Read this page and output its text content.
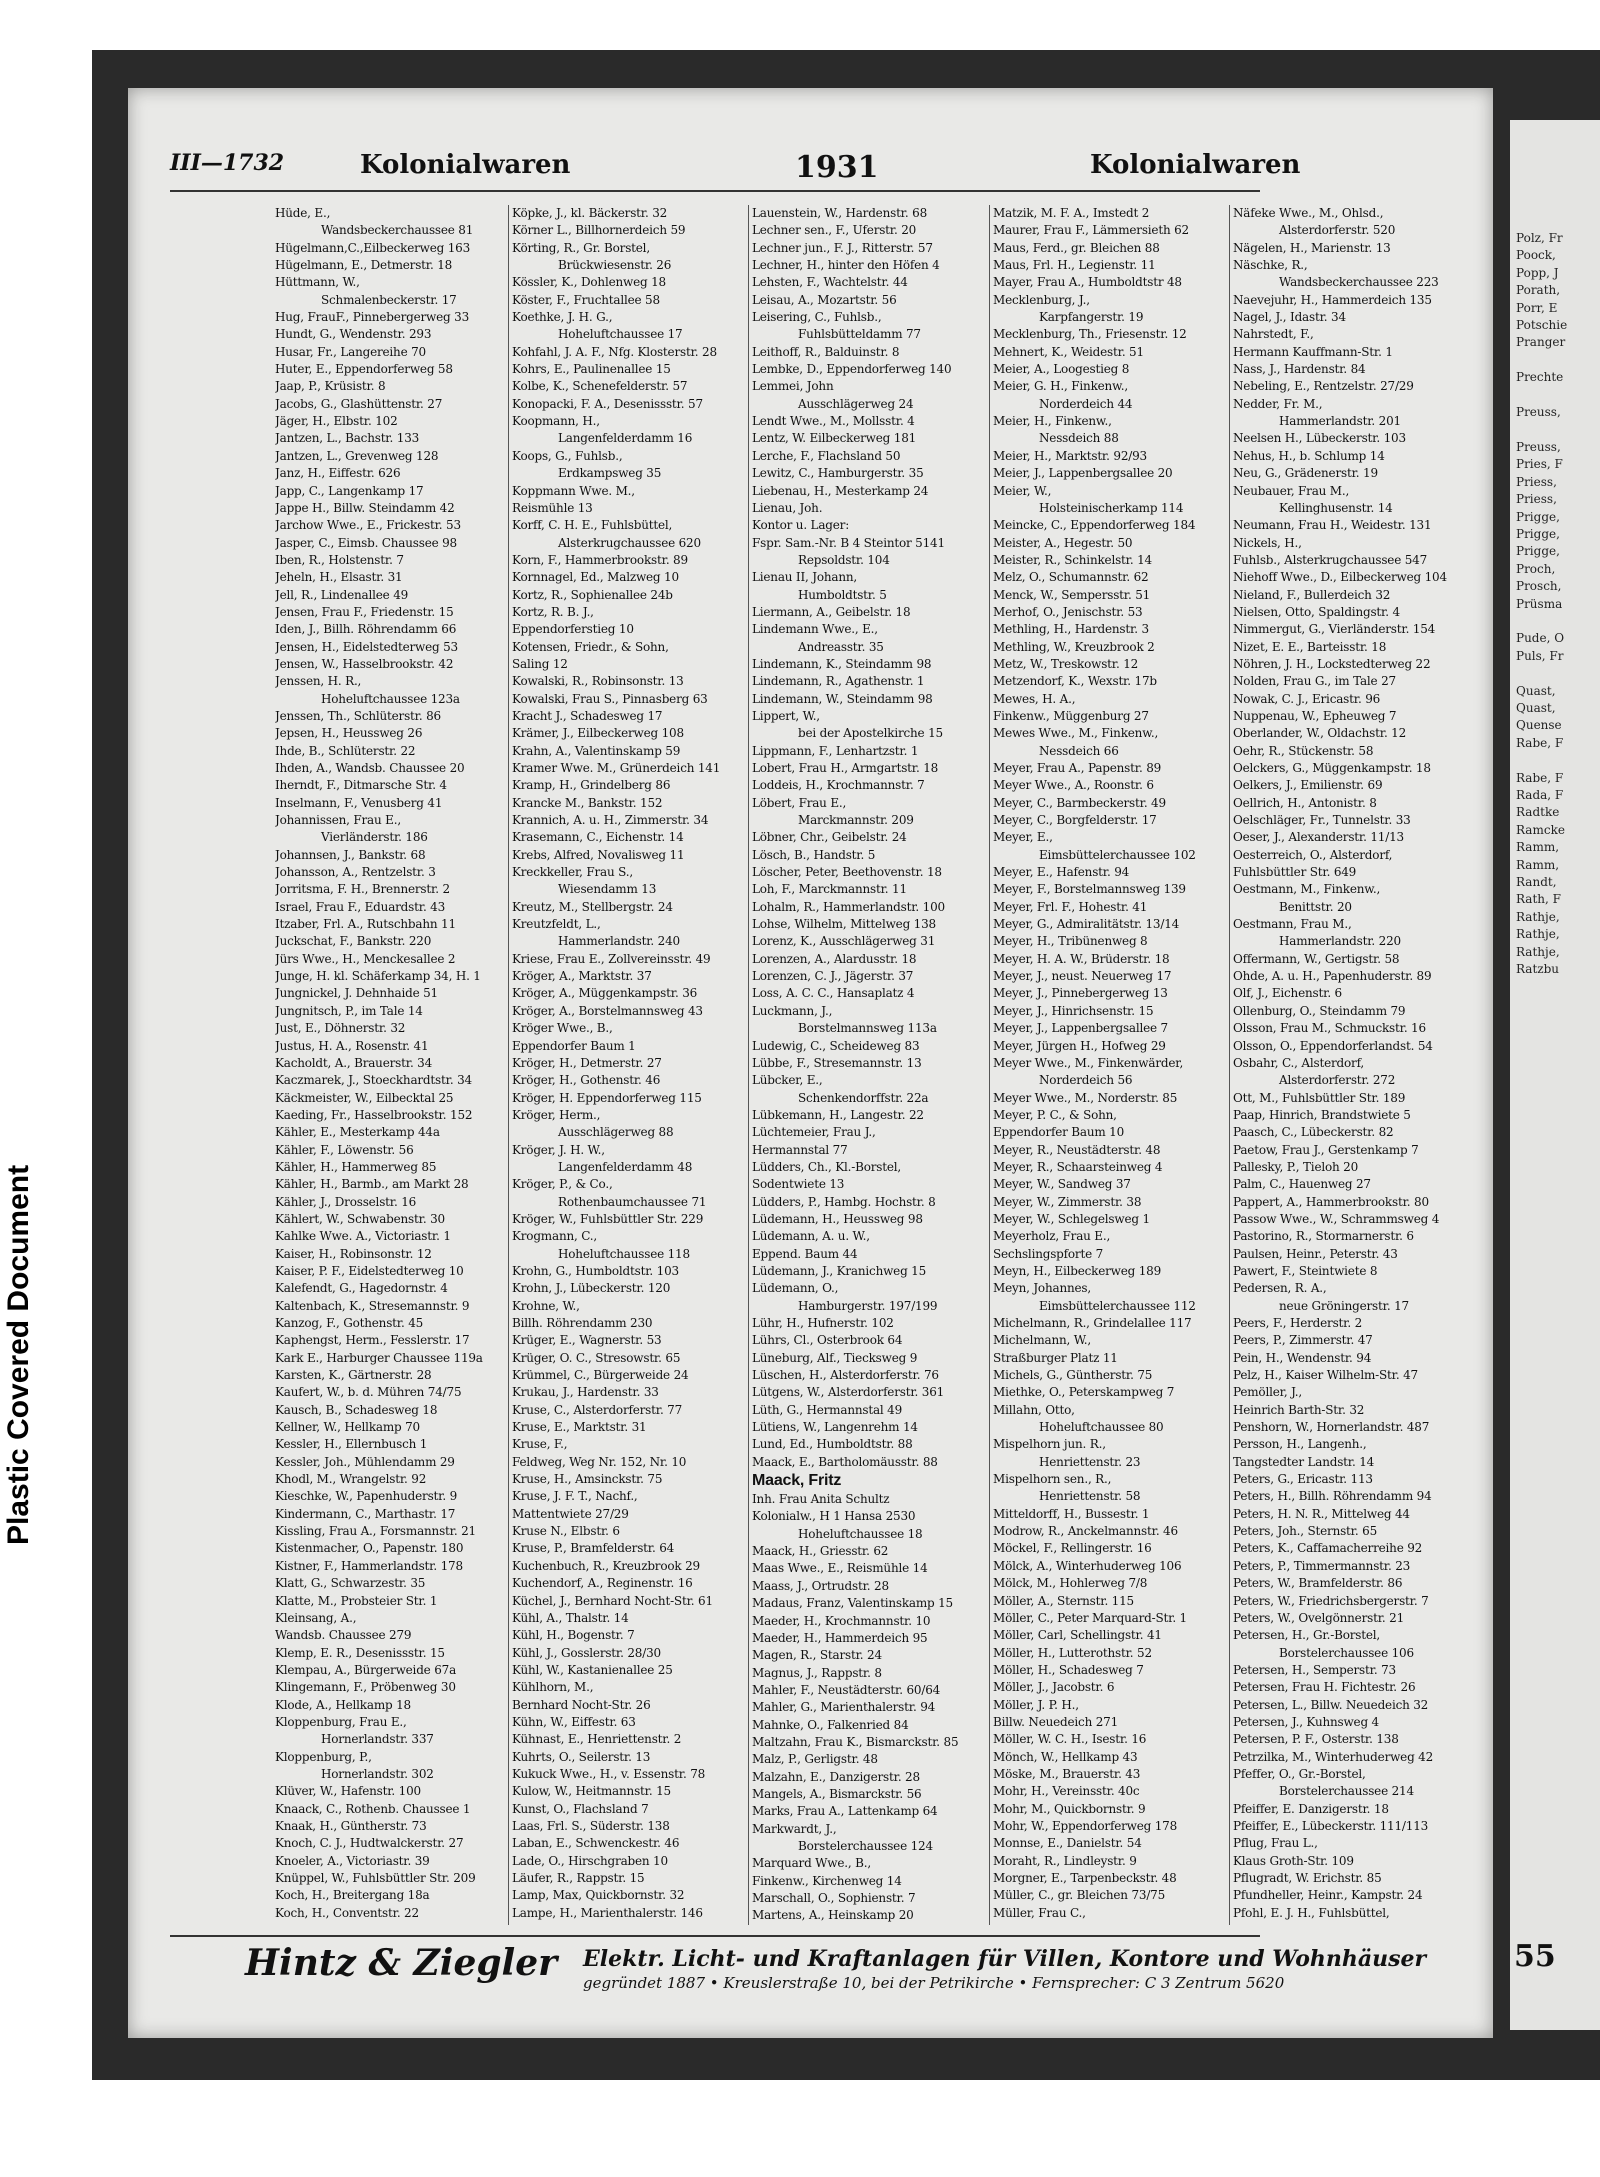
Plastic Covered Document
Polz, Fr
Poock,
Popp, J
Porath,
Porr, E
Potschie
Pranger

Prechte

Preuss,

Preuss,
Pries, F
Priess,
Priess,
Prigge,
Prigge,
Prigge,
Proch,
Prosch,
Prüsma

Pude, O
Puls, Fr

Quast,
Quast,
Quense
Rabe, F

Rabe, F
Rada, F
Radtke
Ramcke
Ramm,
Ramm,
Randt,
Rath, F
Rathje,
Rathje,
Rathje,
Ratzbu
55
III—1732	Kolonialwaren	1931	Kolonialwaren
Hüde, E.,
Wandsbeckerchaussee 81
Hügelmann,C.,Eilbeckerweg 163
Hügelmann, E., Detmerstr. 18
Hüttmann, W.,
Schmalenbeckerstr. 17
Hug, FrauF., Pinnebergerweg 33
Hundt, G., Wendenstr. 293
Husar, Fr., Langereihe 70
Huter, E., Eppendorferweg 58
Jaap, P., Krüsistr. 8
Jacobs, G., Glashüttenstr. 27
Jäger, H., Elbstr. 102
Jantzen, L., Bachstr. 133
Jantzen, L., Grevenweg 128
Janz, H., Eiffestr. 626
Japp, C., Langenkamp 17
Jappe H., Billw. Steindamm 42
Jarchow Wwe., E., Frickestr. 53
Jasper, C., Eimsb. Chaussee 98
Iben, R., Holstenstr. 7
Jeheln, H., Elsastr. 31
Jell, R., Lindenallee 49
Jensen, Frau F., Friedenstr. 15
Iden, J., Billh. Röhrendamm 66
Jensen, H., Eidelstedterweg 53
Jensen, W., Hasselbrookstr. 42
Jenssen, H. R.,
Hoheluftchaussee 123a
Jenssen, Th., Schlüterstr. 86
Jepsen, H., Heussweg 26
Ihde, B., Schlüterstr. 22
Ihden, A., Wandsb. Chaussee 20
Iherndt, F., Ditmarsche Str. 4
Inselmann, F., Venusberg 41
Johannissen, Frau E.,
Vierländerstr. 186
Johannsen, J., Bankstr. 68
Johansson, A., Rentzelstr. 3
Jorritsma, F. H., Brennerstr. 2
Israel, Frau F., Eduardstr. 43
Itzaber, Frl. A., Rutschbahn 11
Juckschat, F., Bankstr. 220
Jürs Wwe., H., Menckesallee 2
Junge, H. kl. Schäferkamp 34, H. 1
Jungnickel, J. Dehnhaide 51
Jungnitsch, P., im Tale 14
Just, E., Döhnerstr. 32
Justus, H. A., Rosenstr. 41
Kacholdt, A., Brauerstr. 34
Kaczmarek, J., Stoeckhardtstr. 34
Käckmeister, W., Eilbecktal 25
Kaeding, Fr., Hasselbrookstr. 152
Kähler, E., Mesterkamp 44a
Kähler, F., Löwenstr. 56
Kähler, H., Hammerweg 85
Kähler, H., Barmb., am Markt 28
Kähler, J., Drosselstr. 16
Kählert, W., Schwabenstr. 30
Kahlke Wwe. A., Victoriastr. 1
Kaiser, H., Robinsonstr. 12
Kaiser, P. F., Eidelstedterweg 10
Kalefendt, G., Hagedornstr. 4
Kaltenbach, K., Stresemannstr. 9
Kanzog, F., Gothenstr. 45
Kaphengst, Herm., Fesslerstr. 17
Kark E., Harburger Chaussee 119a
Karsten, K., Gärtnerstr. 28
Kaufert, W., b. d. Mühren 74/75
Kausch, B., Schadesweg 18
Kellner, W., Hellkamp 70
Kessler, H., Ellernbusch 1
Kessler, Joh., Mühlendamm 29
Khodl, M., Wrangelstr. 92
Kieschke, W., Papenhuderstr. 9
Kindermann, C., Marthastr. 17
Kissling, Frau A., Forsmannstr. 21
Kistenmacher, O., Papenstr. 180
Kistner, F., Hammerlandstr. 178
Klatt, G., Schwarzestr. 35
Klatte, M., Probsteier Str. 1
Kleinsang, A.,
Wandsb. Chaussee 279
Klemp, E. R., Desenissstr. 15
Klempau, A., Bürgerweide 67a
Klingemann, F., Pröbenweg 30
Klode, A., Hellkamp 18
Kloppenburg, Frau E.,
Hornerlandstr. 337
Kloppenburg, P.,
Hornerlandstr. 302
Klüver, W., Hafenstr. 100
Knaack, C., Rothenb. Chaussee 1
Knaak, H., Güntherstr. 73
Knoch, C. J., Hudtwalckerstr. 27
Knoeler, A., Victoriastr. 39
Knüppel, W., Fuhlsbüttler Str. 209
Koch, H., Breitergang 18a
Koch, H., Conventstr. 22
Köpke, J., kl. Bäckerstr. 32
Körner L., Billhornerdeich 59
Körting, R., Gr. Borstel,
Brückwiesenstr. 26
Kössler, K., Dohlenweg 18
Köster, F., Fruchtallee 58
Koethke, J. H. G.,
Hoheluftchaussee 17
Kohfahl, J. A. F., Nfg. Klosterstr. 28
Kohrs, E., Paulinenallee 15
Kolbe, K., Schenefelderstr. 57
Konopacki, F. A., Desenissstr. 57
Koopmann, H.,
Langenfelderdamm 16
Koops, G., Fuhlsb.,
Erdkampsweg 35
Koppmann Wwe. M.,
Reismühle 13
Korff, C. H. E., Fuhlsbüttel,
Alsterkrugchaussee 620
Korn, F., Hammerbrookstr. 89
Kornnagel, Ed., Malzweg 10
Kortz, R., Sophienallee 24b
Kortz, R. B. J.,
Eppendorferstieg 10
Kotensen, Friedr., & Sohn,
Saling 12
Kowalski, R., Robinsonstr. 13
Kowalski, Frau S., Pinnasberg 63
Kracht J., Schadesweg 17
Krämer, J., Eilbeckerweg 108
Krahn, A., Valentinskamp 59
Kramer Wwe. M., Grünerdeich 141
Kramp, H., Grindelberg 86
Krancke M., Bankstr. 152
Krannich, A. u. H., Zimmerstr. 34
Krasemann, C., Eichenstr. 14
Krebs, Alfred, Novalisweg 11
Kreckkeller, Frau S.,
Wiesendamm 13
Kreutz, M., Stellbergstr. 24
Kreutzfeldt, L.,
Hammerlandstr. 240
Kriese, Frau E., Zollvereinsstr. 49
Kröger, A., Marktstr. 37
Kröger, A., Müggenkampstr. 36
Kröger, A., Borstelmannsweg 43
Kröger Wwe., B.,
Eppendorfer Baum 1
Kröger, H., Detmerstr. 27
Kröger, H., Gothenstr. 46
Kröger, H. Eppendorferweg 115
Kröger, Herm.,
Ausschlägerweg 88
Kröger, J. H. W.,
Langenfelderdamm 48
Kröger, P., & Co.,
Rothenbaumchaussee 71
Kröger, W., Fuhlsbüttler Str. 229
Krogmann, C.,
Hoheluftchaussee 118
Krohn, G., Humboldtstr. 103
Krohn, J., Lübeckerstr. 120
Krohne, W.,
Billh. Röhrendamm 230
Krüger, E., Wagnerstr. 53
Krüger, O. C., Stresowstr. 65
Krümmel, C., Bürgerweide 24
Krukau, J., Hardenstr. 33
Kruse, C., Alsterdorferstr. 77
Kruse, E., Marktstr. 31
Kruse, F.,
Feldweg, Weg Nr. 152, Nr. 10
Kruse, H., Amsinckstr. 75
Kruse, J. F. T., Nachf.,
Mattentwiete 27/29
Kruse N., Elbstr. 6
Kruse, P., Bramfelderstr. 64
Kuchenbuch, R., Kreuzbrook 29
Kuchendorf, A., Reginenstr. 16
Küchel, J., Bernhard Nocht-Str. 61
Kühl, A., Thalstr. 14
Kühl, H., Bogenstr. 7
Kühl, J., Gosslerstr. 28/30
Kühl, W., Kastanienallee 25
Kühlhorn, M.,
Bernhard Nocht-Str. 26
Kühn, W., Eiffestr. 63
Kühnast, E., Henriettenstr. 2
Kuhrts, O., Seilerstr. 13
Kukuck Wwe., H., v. Essenstr. 78
Kulow, W., Heitmannstr. 15
Kunst, O., Flachsland 7
Laas, Frl. S., Süderstr. 138
Laban, E., Schwenckestr. 46
Lade, O., Hirschgraben 10
Läufer, R., Rappstr. 15
Lamp, Max, Quickbornstr. 32
Lampe, H., Marienthalerstr. 146
Lauenstein, W., Hardenstr. 68
Lechner sen., F., Uferstr. 20
Lechner jun., F. J., Ritterstr. 57
Lechner, H., hinter den Höfen 4
Lehsten, F., Wachtelstr. 44
Leisau, A., Mozartstr. 56
Leisering, C., Fuhlsb.,
Fuhlsbütteldamm 77
Leithoff, R., Balduinstr. 8
Lembke, D., Eppendorferweg 140
Lemmei, John
Ausschlägerweg 24
Lendt Wwe., M., Mollsstr. 4
Lentz, W. Eilbeckerweg 181
Lerche, F., Flachsland 50
Lewitz, C., Hamburgerstr. 35
Liebenau, H., Mesterkamp 24
Lienau, Joh.
Kontor u. Lager:
Fspr. Sam.-Nr. B 4 Steintor 5141
Repsoldstr. 104
Lienau II, Johann,
Humboldtstr. 5
Liermann, A., Geibelstr. 18
Lindemann Wwe., E.,
Andreasstr. 35
Lindemann, K., Steindamm 98
Lindemann, R., Agathenstr. 1
Lindemann, W., Steindamm 98
Lippert, W.,
bei der Apostelkirche 15
Lippmann, F., Lenhartzstr. 1
Lobert, Frau H., Armgartstr. 18
Loddeis, H., Krochmannstr. 7
Löbert, Frau E.,
Marckmannstr. 209
Löbner, Chr., Geibelstr. 24
Lösch, B., Handstr. 5
Löscher, Peter, Beethovenstr. 18
Loh, F., Marckmannstr. 11
Lohalm, R., Hammerlandstr. 100
Lohse, Wilhelm, Mittelweg 138
Lorenz, K., Ausschlägerweg 31
Lorenzen, A., Alardusstr. 18
Lorenzen, C. J., Jägerstr. 37
Loss, A. C. C., Hansaplatz 4
Luckmann, J.,
Borstelmannsweg 113a
Ludewig, C., Scheideweg 83
Lübbe, F., Stresemannstr. 13
Lübcker, E.,
Schenkendorffstr. 22a
Lübkemann, H., Langestr. 22
Lüchtemeier, Frau J.,
Hermannstal 77
Lüdders, Ch., Kl.-Borstel,
Sodentwiete 13
Lüdders, P., Hambg. Hochstr. 8
Lüdemann, H., Heussweg 98
Lüdemann, A. u. W.,
Eppend. Baum 44
Lüdemann, J., Kranichweg 15
Lüdemann, O.,
Hamburgerstr. 197/199
Lühr, H., Hufnerstr. 102
Lührs, Cl., Osterbrook 64
Lüneburg, Alf., Tiecksweg 9
Lüschen, H., Alsterdorferstr. 76
Lütgens, W., Alsterdorferstr. 361
Lüth, G., Hermannstal 49
Lütiens, W., Langenrehm 14
Lund, Ed., Humboldtstr. 88
Maack, E., Bartholomäusstr. 88
Maack, Fritz
Inh. Frau Anita Schultz
Kolonialw., H 1 Hansa 2530
Hoheluftchaussee 18
Maack, H., Griesstr. 62
Maas Wwe., E., Reismühle 14
Maass, J., Ortrudstr. 28
Madaus, Franz, Valentinskamp 15
Maeder, H., Krochmannstr. 10
Maeder, H., Hammerdeich 95
Magen, R., Starstr. 24
Magnus, J., Rappstr. 8
Mahler, F., Neustädterstr. 60/64
Mahler, G., Marienthalerstr. 94
Mahnke, O., Falkenried 84
Maltzahn, Frau K., Bismarckstr. 85
Malz, P., Gerligstr. 48
Malzahn, E., Danzigerstr. 28
Mangels, A., Bismarckstr. 56
Marks, Frau A., Lattenkamp 64
Markwardt, J.,
Borstelerchaussee 124
Marquard Wwe., B.,
Finkenw., Kirchenweg 14
Marschall, O., Sophienstr. 7
Martens, A., Heinskamp 20
Matzik, M. F. A., Imstedt 2
Maurer, Frau F., Lämmersieth 62
Maus, Ferd., gr. Bleichen 88
Maus, Frl. H., Legienstr. 11
Mayer, Frau A., Humboldtstr 48
Mecklenburg, J.,
Karpfangerstr. 19
Mecklenburg, Th., Friesenstr. 12
Mehnert, K., Weidestr. 51
Meier, A., Loogestieg 8
Meier, G. H., Finkenw.,
Norderdeich 44
Meier, H., Finkenw.,
Nessdeich 88
Meier, H., Marktstr. 92/93
Meier, J., Lappenbergsallee 20
Meier, W.,
Holsteinischerkamp 114
Meincke, C., Eppendorferweg 184
Meister, A., Hegestr. 50
Meister, R., Schinkelstr. 14
Melz, O., Schumannstr. 62
Menck, W., Sempersstr. 51
Merhof, O., Jenischstr. 53
Methling, H., Hardenstr. 3
Methling, W., Kreuzbrook 2
Metz, W., Treskowstr. 12
Metzendorf, K., Wexstr. 17b
Mewes, H. A.,
Finkenw., Müggenburg 27
Mewes Wwe., M., Finkenw.,
Nessdeich 66
Meyer, Frau A., Papenstr. 89
Meyer Wwe., A., Roonstr. 6
Meyer, C., Barmbeckerstr. 49
Meyer, C., Borgfelderstr. 17
Meyer, E.,
Eimsbüttelerchaussee 102
Meyer, E., Hafenstr. 94
Meyer, F., Borstelmannsweg 139
Meyer, Frl. F., Hohestr. 41
Meyer, G., Admiralitätstr. 13/14
Meyer, H., Tribünenweg 8
Meyer, H. A. W., Brüderstr. 18
Meyer, J., neust. Neuerweg 17
Meyer, J., Pinnebergerweg 13
Meyer, J., Hinrichsenstr. 15
Meyer, J., Lappenbergsallee 7
Meyer, Jürgen H., Hofweg 29
Meyer Wwe., M., Finkenwärder,
Norderdeich 56
Meyer Wwe., M., Norderstr. 85
Meyer, P. C., & Sohn,
Eppendorfer Baum 10
Meyer, R., Neustädterstr. 48
Meyer, R., Schaarsteinweg 4
Meyer, W., Sandweg 37
Meyer, W., Zimmerstr. 38
Meyer, W., Schlegelsweg 1
Meyerholz, Frau E.,
Sechslingspforte 7
Meyn, H., Eilbeckerweg 189
Meyn, Johannes,
Eimsbüttelerchaussee 112
Michelmann, R., Grindelallee 117
Michelmann, W.,
Straßburger Platz 11
Michels, G., Güntherstr. 75
Miethke, O., Peterskampweg 7
Millahn, Otto,
Hoheluftchaussee 80
Mispelhorn jun. R.,
Henriettenstr. 23
Mispelhorn sen., R.,
Henriettenstr. 58
Mitteldorff, H., Bussestr. 1
Modrow, R., Anckelmannstr. 46
Möckel, F., Rellingerstr. 16
Mölck, A., Winterhuderweg 106
Mölck, M., Hohlerweg 7/8
Möller, A., Sternstr. 115
Möller, C., Peter Marquard-Str. 1
Möller, Carl, Schellingstr. 41
Möller, H., Lutterothstr. 52
Möller, H., Schadesweg 7
Möller, J., Jacobstr. 6
Möller, J. P. H.,
Billw. Neuedeich 271
Möller, W. C. H., Isestr. 16
Mönch, W., Hellkamp 43
Möske, M., Brauerstr. 43
Mohr, H., Vereinsstr. 40c
Mohr, M., Quickbornstr. 9
Mohr, W., Eppendorferweg 178
Monnse, E., Danielstr. 54
Moraht, R., Lindleystr. 9
Morgner, E., Tarpenbeckstr. 48
Müller, C., gr. Bleichen 73/75
Müller, Frau C.,
Näfeke Wwe., M., Ohlsd.,
Alsterdorferstr. 520
Nägelen, H., Marienstr. 13
Näschke, R.,
Wandsbeckerchaussee 223
Naevejuhr, H., Hammerdeich 135
Nagel, J., Idastr. 34
Nahrstedt, F.,
Hermann Kauffmann-Str. 1
Nass, J., Hardenstr. 84
Nebeling, E., Rentzelstr. 27/29
Nedder, Fr. M.,
Hammerlandstr. 201
Neelsen H., Lübeckerstr. 103
Nehus, H., b. Schlump 14
Neu, G., Grädenerstr. 19
Neubauer, Frau M.,
Kellinghusenstr. 14
Neumann, Frau H., Weidestr. 131
Nickels, H.,
Fuhlsb., Alsterkrugchaussee 547
Niehoff Wwe., D., Eilbeckerweg 104
Nieland, F., Bullerdeich 32
Nielsen, Otto, Spaldingstr. 4
Nimmergut, G., Vierländerstr. 154
Nizet, E. E., Barteisstr. 18
Nöhren, J. H., Lockstedterweg 22
Nolden, Frau G., im Tale 27
Nowak, C. J., Ericastr. 96
Nuppenau, W., Epheuweg 7
Oberlander, W., Oldachstr. 12
Oehr, R., Stückenstr. 58
Oelckers, G., Müggenkampstr. 18
Oelkers, J., Emilienstr. 69
Oellrich, H., Antonistr. 8
Oelschläger, Fr., Tunnelstr. 33
Oeser, J., Alexanderstr. 11/13
Oesterreich, O., Alsterdorf,
Fuhlsbüttler Str. 649
Oestmann, M., Finkenw.,
Benittstr. 20
Oestmann, Frau M.,
Hammerlandstr. 220
Offermann, W., Gertigstr. 58
Ohde, A. u. H., Papenhuderstr. 89
Olf, J., Eichenstr. 6
Ollenburg, O., Steindamm 79
Olsson, Frau M., Schmuckstr. 16
Olsson, O., Eppendorferlandst. 54
Osbahr, C., Alsterdorf,
Alsterdorferstr. 272
Ott, M., Fuhlsbüttler Str. 189
Paap, Hinrich, Brandstwiete 5
Paasch, C., Lübeckerstr. 82
Paetow, Frau J., Gerstenkamp 7
Pallesky, P., Tieloh 20
Palm, C., Hauenweg 27
Pappert, A., Hammerbrookstr. 80
Passow Wwe., W., Schrammsweg 4
Pastorino, R., Stormarnerstr. 6
Paulsen, Heinr., Peterstr. 43
Pawert, F., Steintwiete 8
Pedersen, R. A.,
neue Gröningerstr. 17
Peers, F., Herderstr. 2
Peers, P., Zimmerstr. 47
Pein, H., Wendenstr. 94
Pelz, H., Kaiser Wilhelm-Str. 47
Pemöller, J.,
Heinrich Barth-Str. 32
Penshorn, W., Hornerlandstr. 487
Persson, H., Langenh.,
Tangstedter Landstr. 14
Peters, G., Ericastr. 113
Peters, H., Billh. Röhrendamm 94
Peters, H. N. R., Mittelweg 44
Peters, Joh., Sternstr. 65
Peters, K., Caffamacherreihe 92
Peters, P., Timmermannstr. 23
Peters, W., Bramfelderstr. 86
Peters, W., Friedrichsbergerstr. 7
Peters, W., Ovelgönnerstr. 21
Petersen, H., Gr.-Borstel,
Borstelerchaussee 106
Petersen, H., Semperstr. 73
Petersen, Frau H. Fichtestr. 26
Petersen, L., Billw. Neuedeich 32
Petersen, J., Kuhnsweg 4
Petersen, P. F., Osterstr. 138
Petrzilka, M., Winterhuderweg 42
Pfeffer, O., Gr.-Borstel,
Borstelerchaussee 214
Pfeiffer, E. Danzigerstr. 18
Pfeiffer, E., Lübeckerstr. 111/113
Pflug, Frau L.,
Klaus Groth-Str. 109
Pflugradt, W. Erichstr. 85
Pfundheller, Heinr., Kampstr. 24
Pfohl, E. J. H., Fuhlsbüttel,
Hintz & Ziegler Elektr. Licht- und Kraftanlagen für Villen, Kontore und Wohnhäuser
gegründet 1887 • Kreuslerstraße 10, bei der Petrikirche • Fernsprecher: C 3 Zentrum 5620
